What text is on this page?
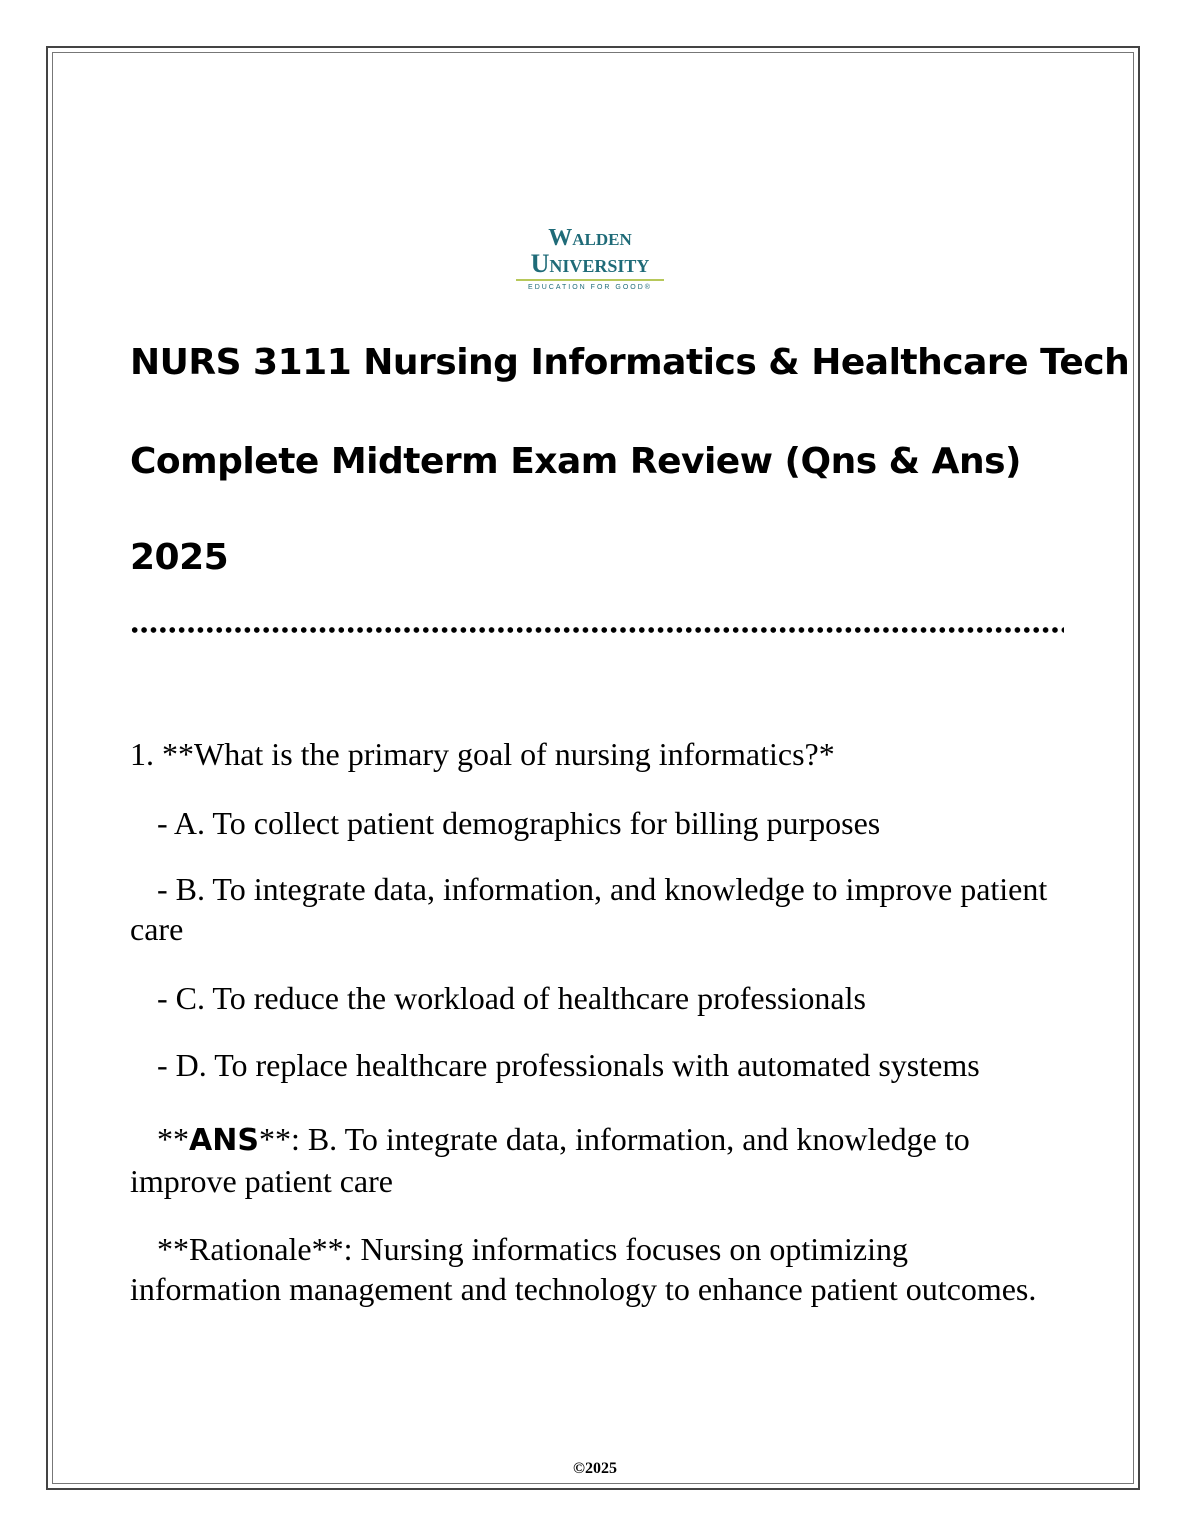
Walden
University
EDUCATION FOR GOOD®
NURS 3111 Nursing Informatics & Healthcare Tech
Complete Midterm Exam Review (Qns & Ans)
2025
1. **What is the primary goal of nursing informatics?*
- A. To collect patient demographics for billing purposes
- B. To integrate data, information, and knowledge to improve patient care
- C. To reduce the workload of healthcare professionals
- D. To replace healthcare professionals with automated systems
**ANS**: B. To integrate data, information, and knowledge to improve patient care
**Rationale**: Nursing informatics focuses on optimizing information management and technology to enhance patient outcomes.
©2025
